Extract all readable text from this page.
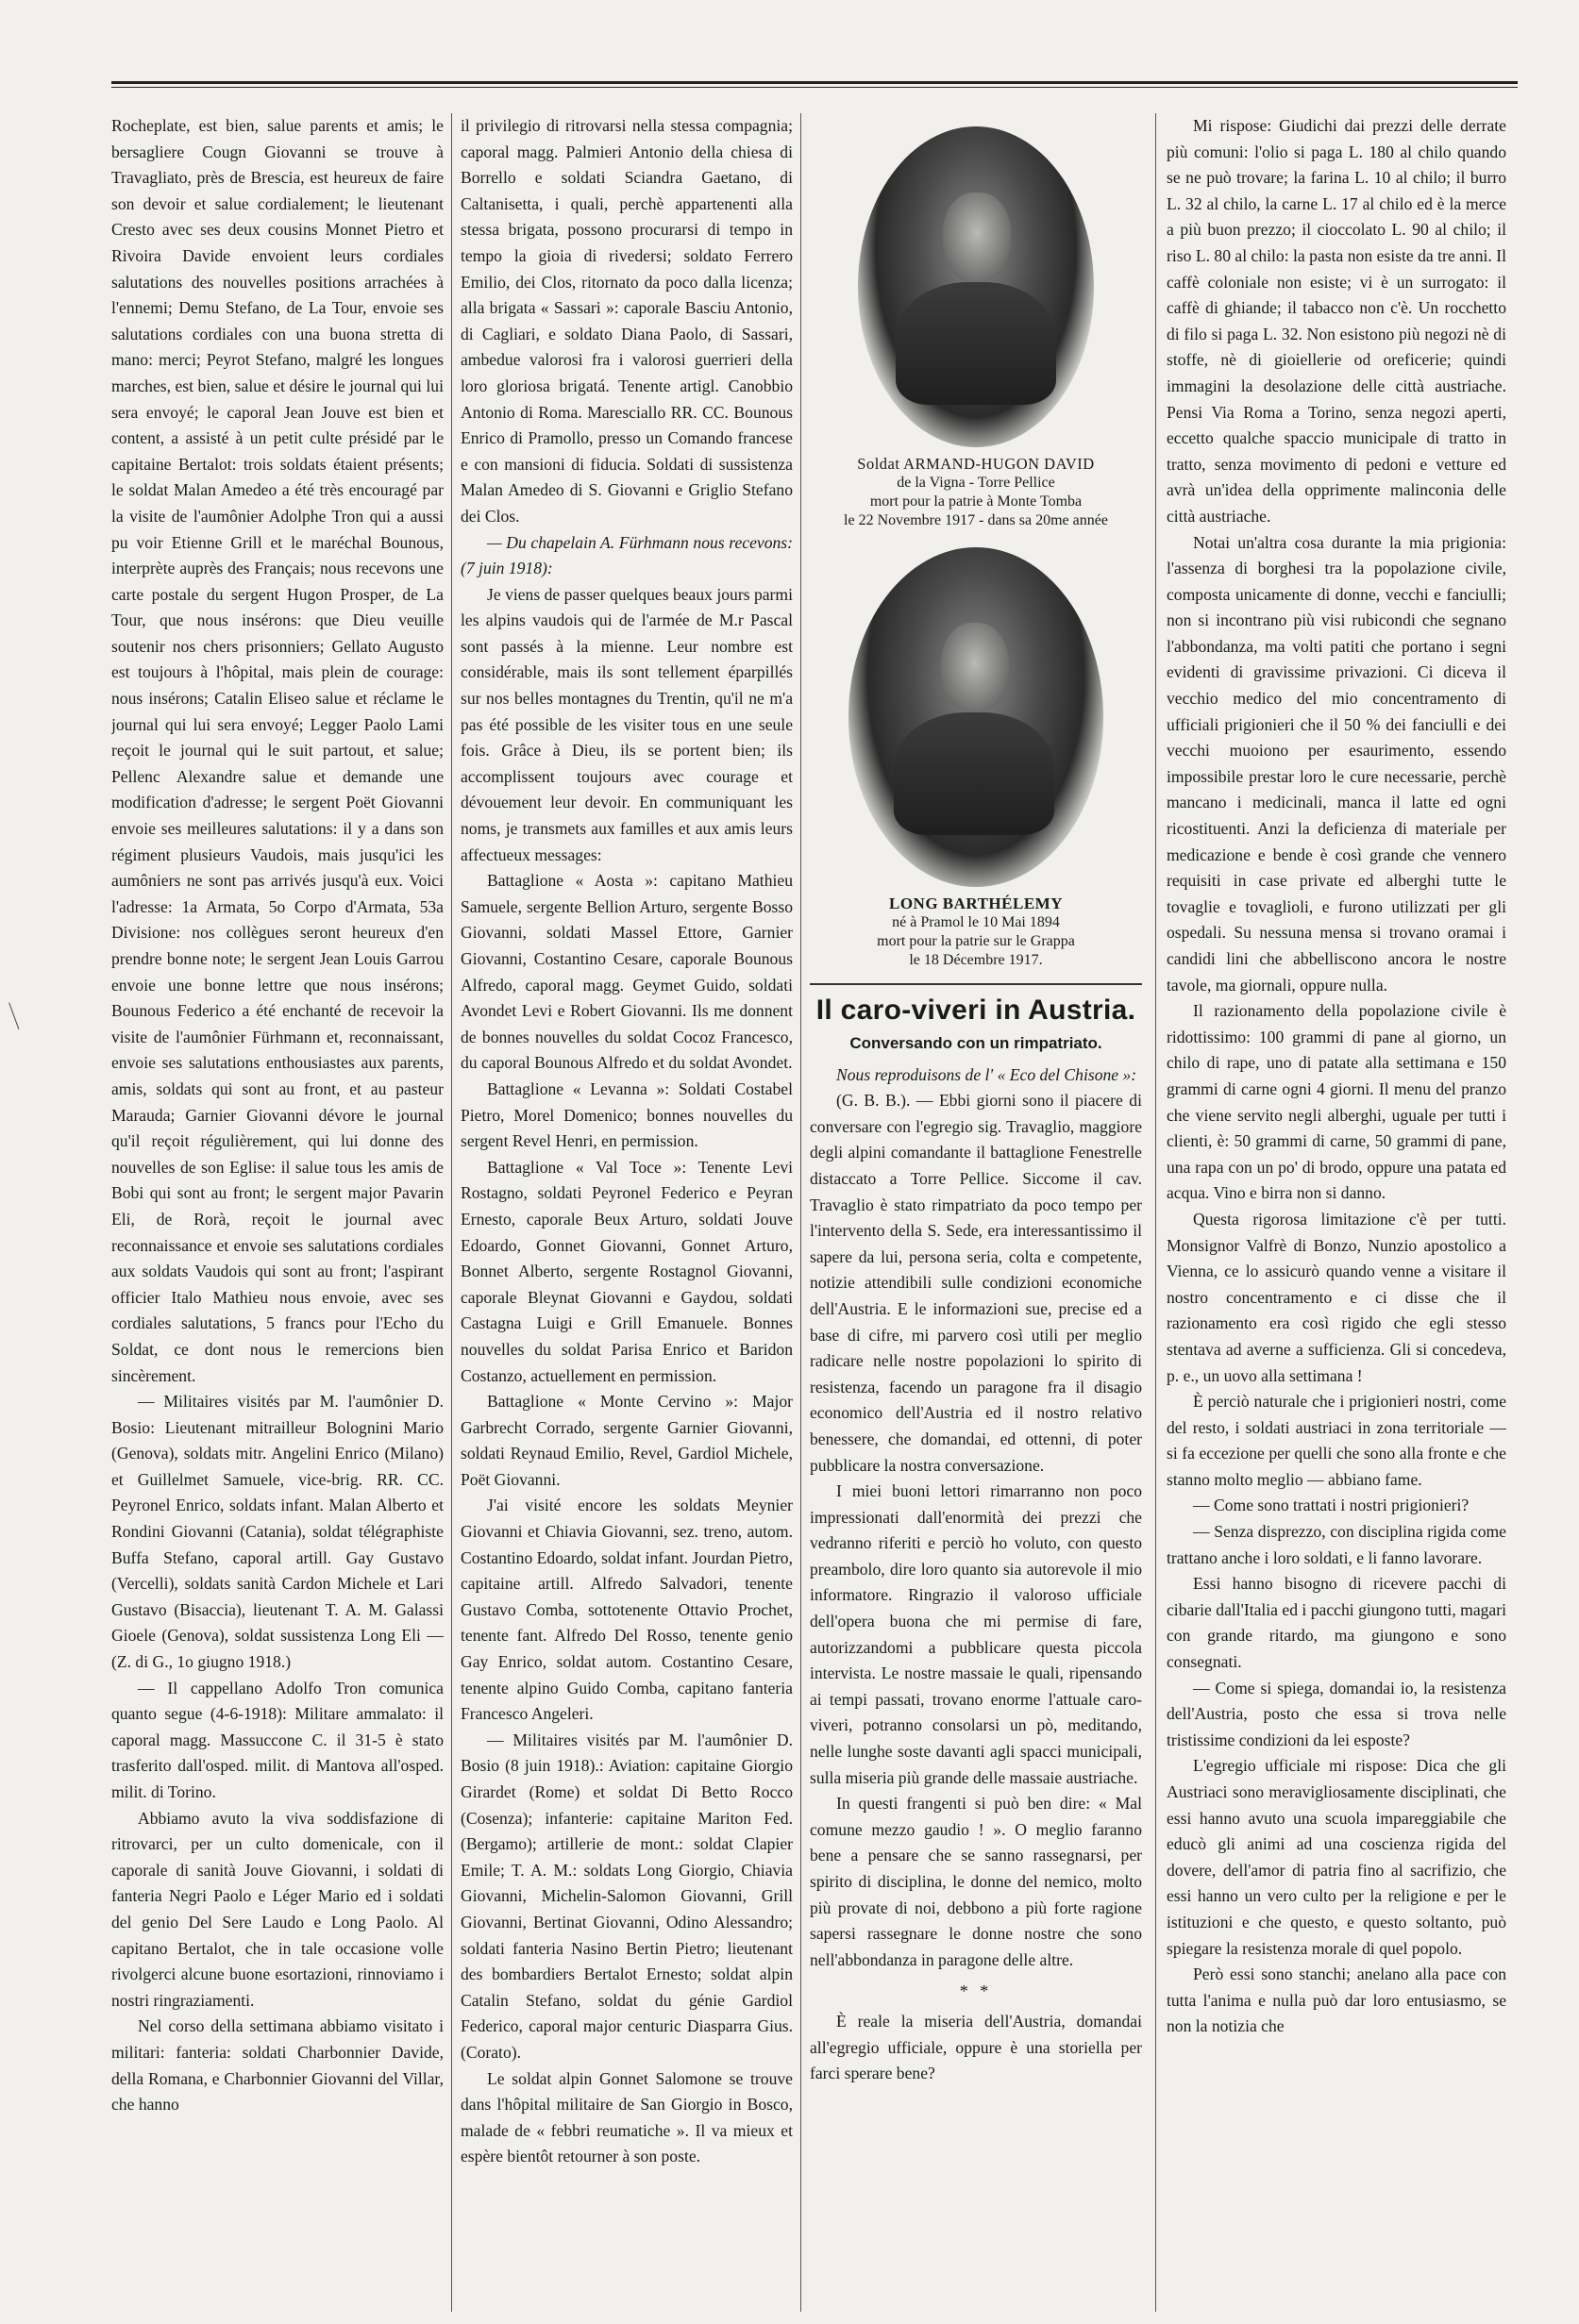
Rocheplate, est bien, salue parents et amis; le bersagliere Cougn Giovanni se trouve à Travagliato, près de Brescia, est heureux de faire son devoir et salue cordialement; le lieutenant Cresto avec ses deux cousins Monnet Pietro et Rivoira Davide envoient leurs cordiales salutations des nouvelles positions arrachées à l'ennemi; Demu Stefano, de La Tour, envoie ses salutations cordiales con una buona stretta di mano: merci; Peyrot Stefano, malgré les longues marches, est bien, salue et désire le journal qui lui sera envoyé; le caporal Jean Jouve est bien et content, a assisté à un petit culte présidé par le capitaine Bertalot: trois soldats étaient présents; le soldat Malan Amedeo a été très encouragé par la visite de l'aumônier Adolphe Tron qui a aussi pu voir Etienne Grill et le maréchal Bounous, interprète auprès des Français; nous recevons une carte postale du sergent Hugon Prosper, de La Tour, que nous insérons: que Dieu veuille soutenir nos chers prisonniers; Gellato Augusto est toujours à l'hôpital, mais plein de courage: nous insérons; Catalin Eliseo salue et réclame le journal qui lui sera envoyé; Legger Paolo Lami reçoit le journal qui le suit partout, et salue; Pellenc Alexandre salue et demande une modification d'adresse; le sergent Poët Giovanni envoie ses meilleures salutations: il y a dans son régiment plusieurs Vaudois, mais jusqu'ici les aumôniers ne sont pas arrivés jusqu'à eux. Voici l'adresse: 1a Armata, 5o Corpo d'Armata, 53a Divisione: nos collègues seront heureux d'en prendre bonne note; le sergent Jean Louis Garrou envoie une bonne lettre que nous insérons; Bounous Federico a été enchanté de recevoir la visite de l'aumônier Fürhmann et, reconnaissant, envoie ses salutations enthousiastes aux parents, amis, soldats qui sont au front, et au pasteur Marauda; Garnier Giovanni dévore le journal qu'il reçoit régulièrement, qui lui donne des nouvelles de son Eglise: il salue tous les amis de Bobi qui sont au front; le sergent major Pavarin Eli, de Rorà, reçoit le journal avec reconnaissance et envoie ses salutations cordiales aux soldats Vaudois qui sont au front; l'aspirant officier Italo Mathieu nous envoie, avec ses cordiales salutations, 5 francs pour l'Echo du Soldat, ce dont nous le remercions bien sincèrement.

— Militaires visités par M. l'aumônier D. Bosio: Lieutenant mitrailleur Bolognini Mario (Genova), soldats mitr. Angelini Enrico (Milano) et Guillelmet Samuele, vice-brig. RR. CC. Peyronel Enrico, soldats infant. Malan Alberto et Rondini Giovanni (Catania), soldat télégraphiste Buffa Stefano, caporal artill. Gay Gustavo (Vercelli), soldats sanità Cardon Michele et Lari Gustavo (Bisaccia), lieutenant T. A. M. Galassi Gioele (Genova), soldat sussistenza Long Eli — (Z. di G., 1o giugno 1918.)

— Il cappellano Adolfo Tron comunica quanto segue (4-6-1918): Militare ammalato: il caporal magg. Massuccone C. il 31-5 è stato trasferito dall'osped. milit. di Mantova all'osped. milit. di Torino.

Abbiamo avuto la viva soddisfazione di ritrovarci, per un culto domenicale, con il caporale di sanità Jouve Giovanni, i soldati di fanteria Negri Paolo e Léger Mario ed i soldati del genio Del Sere Laudo e Long Paolo. Al capitano Bertalot, che in tale occasione volle rivolgerci alcune buone esortazioni, rinnoviamo i nostri ringraziamenti.

Nel corso della settimana abbiamo visitato i militari: fanteria: soldati Charbonnier Davide, della Romana, e Charbonnier Giovanni del Villar, che hanno

il privilegio di ritrovarsi nella stessa compagnia; caporal magg. Palmieri Antonio della chiesa di Borrello e soldati Sciandra Gaetano, di Caltanisetta, i quali, perchè appartenenti alla stessa brigata, possono procurarsi di tempo in tempo la gioia di rivedersi; soldato Ferrero Emilio, dei Clos, ritornato da poco dalla licenza; alla brigata « Sassari »: caporale Basciu Antonio, di Cagliari, e soldato Diana Paolo, di Sassari, ambedue valorosi fra i valorosi guerrieri della loro gloriosa brigatá. Tenente artigl. Canobbio Antonio di Roma. Maresciallo RR. CC. Bounous Enrico di Pramollo, presso un Comando francese e con mansioni di fiducia. Soldati di sussistenza Malan Amedeo di S. Giovanni e Griglio Stefano dei Clos.

— Du chapelain A. Fürhmann nous recevons: (7 juin 1918):

Je viens de passer quelques beaux jours parmi les alpins vaudois qui de l'armée de M.r Pascal sont passés à la mienne. Leur nombre est considérable, mais ils sont tellement éparpillés sur nos belles montagnes du Trentin, qu'il ne m'a pas été possible de les visiter tous en une seule fois. Grâce à Dieu, ils se portent bien; ils accomplissent toujours avec courage et dévouement leur devoir. En communiquant les noms, je transmets aux familles et aux amis leurs affectueux messages:

Battaglione « Aosta »: capitano Mathieu Samuele, sergente Bellion Arturo, sergente Bosso Giovanni, soldati Massel Ettore, Garnier Giovanni, Costantino Cesare, caporale Bounous Alfredo, caporal magg. Geymet Guido, soldati Avondet Levi e Robert Giovanni. Ils me donnent de bonnes nouvelles du soldat Cocoz Francesco, du caporal Bounous Alfredo et du soldat Avondet.

Battaglione « Levanna »: Soldati Costabel Pietro, Morel Domenico; bonnes nouvelles du sergent Revel Henri, en permission.

Battaglione « Val Toce »: Tenente Levi Rostagno, soldati Peyronel Federico e Peyran Ernesto, caporale Beux Arturo, soldati Jouve Edoardo, Gonnet Giovanni, Gonnet Arturo, Bonnet Alberto, sergente Rostagnol Giovanni, caporale Bleynat Giovanni e Gaydou, soldati Castagna Luigi e Grill Emanuele. Bonnes nouvelles du soldat Parisa Enrico et Baridon Costanzo, actuellement en permission.

Battaglione « Monte Cervino »: Major Garbrecht Corrado, sergente Garnier Giovanni, soldati Reynaud Emilio, Revel, Gardiol Michele, Poët Giovanni.

J'ai visité encore les soldats Meynier Giovanni et Chiavia Giovanni, sez. treno, autom. Costantino Edoardo, soldat infant. Jourdan Pietro, capitaine artill. Alfredo Salvadori, tenente Gustavo Comba, sottotenente Ottavio Prochet, tenente fant. Alfredo Del Rosso, tenente genio Gay Enrico, soldat autom. Costantino Cesare, tenente alpino Guido Comba, capitano fanteria Francesco Angeleri.

— Militaires visités par M. l'aumônier D. Bosio (8 juin 1918).: Aviation: capitaine Giorgio Girardet (Rome) et soldat Di Betto Rocco (Cosenza); infanterie: capitaine Mariton Fed. (Bergamo); artillerie de mont.: soldat Clapier Emile; T. A. M.: soldats Long Giorgio, Chiavia Giovanni, Michelin-Salomon Giovanni, Grill Giovanni, Bertinat Giovanni, Odino Alessandro; soldati fanteria Nasino Bertin Pietro; lieutenant des bombardiers Bertalot Ernesto; soldat alpin Catalin Stefano, soldat du génie Gardiol Federico, caporal major centuric Diasparra Gius. (Corato).

Le soldat alpin Gonnet Salomone se trouve dans l'hôpital militaire de San Giorgio in Bosco, malade de « febbri reumatiche ». Il va mieux et espère bientôt retourner à son poste.

Soldat ARMAND-HUGON DAVID
de la Vigna - Torre Pellice
mort pour la patrie à Monte Tomba
le 22 Novembre 1917 - dans sa 20me année
LONG BARTHÉLEMY
né à Pramol le 10 Mai 1894
mort pour la patrie sur le Grappa
le 18 Décembre 1917.
Il caro-viveri in Austria.
Conversando con un rimpatriato.

Nous reproduisons de l' « Eco del Chisone »:

(G. B. B.). — Ebbi giorni sono il piacere di conversare con l'egregio sig. Travaglio, maggiore degli alpini comandante il battaglione Fenestrelle distaccato a Torre Pellice. Siccome il cav. Travaglio è stato rimpatriato da poco tempo per l'intervento della S. Sede, era interessantissimo il sapere da lui, persona seria, colta e competente, notizie attendibili sulle condizioni economiche dell'Austria. E le informazioni sue, precise ed a base di cifre, mi parvero così utili per meglio radicare nelle nostre popolazioni lo spirito di resistenza, facendo un paragone fra il disagio economico dell'Austria ed il nostro relativo benessere, che domandai, ed ottenni, di poter pubblicare la nostra conversazione.

I miei buoni lettori rimarranno non poco impressionati dall'enormità dei prezzi che vedranno riferiti e perciò ho voluto, con questo preambolo, dire loro quanto sia autorevole il mio informatore. Ringrazio il valoroso ufficiale dell'opera buona che mi permise di fare, autorizzandomi a pubblicare questa piccola intervista. Le nostre massaie le quali, ripensando ai tempi passati, trovano enorme l'attuale caro-viveri, potranno consolarsi un pò, meditando, nelle lunghe soste davanti agli spacci municipali, sulla miseria più grande delle massaie austriache.

In questi frangenti si può ben dire: « Mal comune mezzo gaudio ! ». O meglio faranno bene a pensare che se sanno rassegnarsi, per spirito di disciplina, le donne del nemico, molto più provate di noi, debbono a più forte ragione sapersi rassegnare le donne nostre che sono nell'abbondanza in paragone delle altre.

* *

È reale la miseria dell'Austria, domandai all'egregio ufficiale, oppure è una storiella per farci sperare bene?

Mi rispose: Giudichi dai prezzi delle derrate più comuni: l'olio si paga L. 180 al chilo quando se ne può trovare; la farina L. 10 al chilo; il burro L. 32 al chilo, la carne L. 17 al chilo ed è la merce a più buon prezzo; il cioccolato L. 90 al chilo; il riso L. 80 al chilo: la pasta non esiste da tre anni. Il caffè coloniale non esiste; vi è un surrogato: il caffè di ghiande; il tabacco non c'è. Un rocchetto di filo si paga L. 32. Non esistono più negozi nè di stoffe, nè di gioiellerie od oreficerie; quindi immagini la desolazione delle città austriache. Pensi Via Roma a Torino, senza negozi aperti, eccetto qualche spaccio municipale di tratto in tratto, senza movimento di pedoni e vetture ed avrà un'idea della opprimente malinconia delle città austriache.

Notai un'altra cosa durante la mia prigionia: l'assenza di borghesi tra la popolazione civile, composta unicamente di donne, vecchi e fanciulli; non si incontrano più visi rubicondi che segnano l'abbondanza, ma volti patiti che portano i segni evidenti di gravissime privazioni. Ci diceva il vecchio medico del mio concentramento di ufficiali prigionieri che il 50 % dei fanciulli e dei vecchi muoiono per esaurimento, essendo impossibile prestar loro le cure necessarie, perchè mancano i medicinali, manca il latte ed ogni ricostituenti. Anzi la deficienza di materiale per medicazione e bende è così grande che vennero requisiti in case private ed alberghi tutte le tovaglie e tovaglioli, e furono utilizzati per gli ospedali. Su nessuna mensa si trovano oramai i candidi lini che abbelliscono ancora le nostre tavole, ma giornali, oppure nulla.

Il razionamento della popolazione civile è ridottissimo: 100 grammi di pane al giorno, un chilo di rape, uno di patate alla settimana e 150 grammi di carne ogni 4 giorni. Il menu del pranzo che viene servito negli alberghi, uguale per tutti i clienti, è: 50 grammi di carne, 50 grammi di pane, una rapa con un po' di brodo, oppure una patata ed acqua. Vino e birra non si danno.

Questa rigorosa limitazione c'è per tutti. Monsignor Valfrè di Bonzo, Nunzio apostolico a Vienna, ce lo assicurò quando venne a visitare il nostro concentramento e ci disse che il razionamento era così rigido che egli stesso stentava ad averne a sufficienza. Gli si concedeva, p. e., un uovo alla settimana !

È perciò naturale che i prigionieri nostri, come del resto, i soldati austriaci in zona territoriale — si fa eccezione per quelli che sono alla fronte e che stanno molto meglio — abbiano fame.

— Come sono trattati i nostri prigionieri?

— Senza disprezzo, con disciplina rigida come trattano anche i loro soldati, e li fanno lavorare.

Essi hanno bisogno di ricevere pacchi di cibarie dall'Italia ed i pacchi giungono tutti, magari con grande ritardo, ma giungono e sono consegnati.

— Come si spiega, domandai io, la resistenza dell'Austria, posto che essa si trova nelle tristissime condizioni da lei esposte?

L'egregio ufficiale mi rispose: Dica che gli Austriaci sono meravigliosamente disciplinati, che essi hanno avuto una scuola impareggiabile che educò gli animi ad una coscienza rigida del dovere, dell'amor di patria fino al sacrifizio, che essi hanno un vero culto per la religione e per le istituzioni e che questo, e questo soltanto, può spiegare la resistenza morale di quel popolo.

Però essi sono stanchi; anelano alla pace con tutta l'anima e nulla può dar loro entusiasmo, se non la notizia che
